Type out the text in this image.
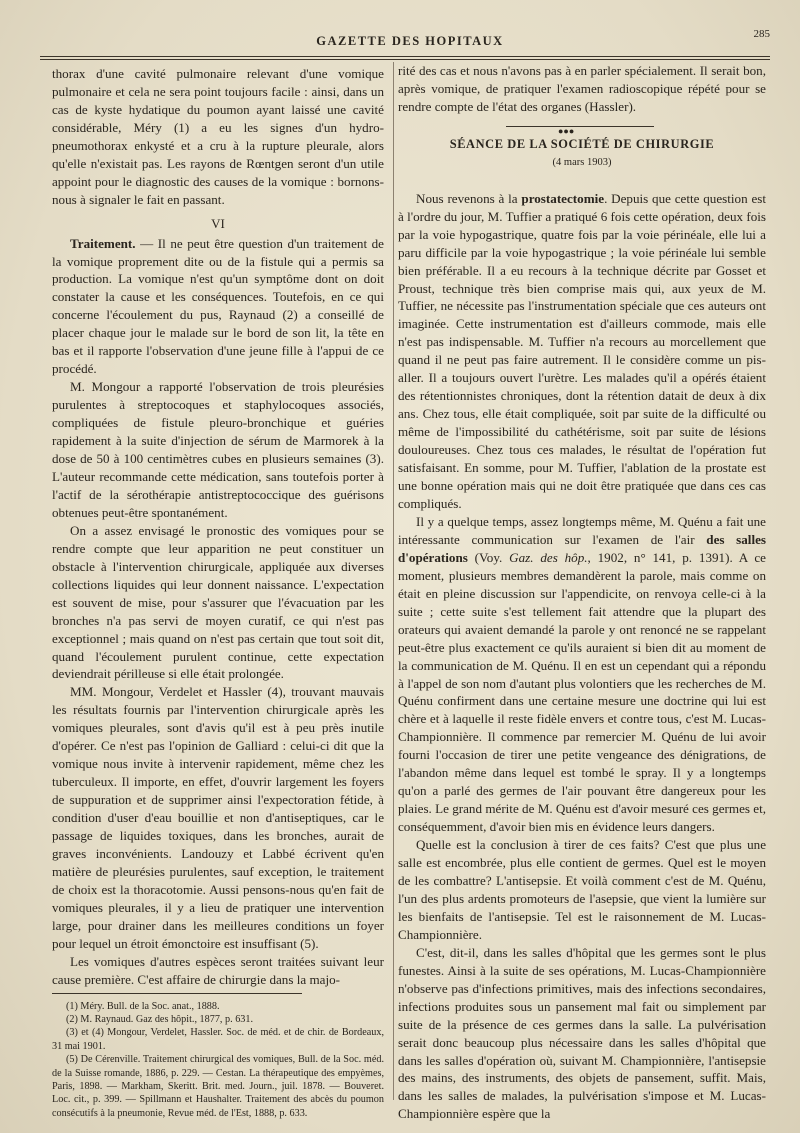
GAZETTE DES HOPITAUX	285

thorax d'une cavité pulmonaire relevant d'une vomique pulmonaire et cela ne sera point toujours facile : ainsi, dans un cas de kyste hydatique du poumon ayant laissé une cavité considérable, Méry (1) a eu les signes d'un hydro-pneumothorax enkysté et a cru à la rupture pleurale, alors qu'elle n'existait pas. Les rayons de Rœntgen seront d'un utile appoint pour le diagnostic des causes de la vomique : bornons-nous à signaler le fait en passant.

VI

Traitement. — Il ne peut être question d'un traitement de la vomique proprement dite ou de la fistule qui a permis sa production. La vomique n'est qu'un symptôme dont on doit constater la cause et les conséquences. Toutefois, en ce qui concerne l'écoulement du pus, Raynaud (2) a conseillé de placer chaque jour le malade sur le bord de son lit, la tête en bas et il rapporte l'observation d'une jeune fille à l'appui de ce procédé.

M. Mongour a rapporté l'observation de trois pleurésies purulentes à streptocoques et staphylocoques associés, compliquées de fistule pleuro-bronchique et guéries rapidement à la suite d'injection de sérum de Marmorek à la dose de 50 à 100 centimètres cubes en plusieurs semaines (3). L'auteur recommande cette médication, sans toutefois porter à l'actif de la sérothérapie antistreptococcique des guérisons obtenues peut-être spontanément.

On a assez envisagé le pronostic des vomiques pour se rendre compte que leur apparition ne peut constituer un obstacle à l'intervention chirurgicale, appliquée aux diverses collections liquides qui leur donnent naissance. L'expectation est souvent de mise, pour s'assurer que l'évacuation par les bronches n'a pas servi de moyen curatif, ce qui n'est pas exceptionnel ; mais quand on n'est pas certain que tout soit dit, quand l'écoulement purulent continue, cette expectation deviendrait périlleuse si elle était prolongée.

MM. Mongour, Verdelet et Hassler (4), trouvant mauvais les résultats fournis par l'intervention chirurgicale après les vomiques pleurales, sont d'avis qu'il est à peu près inutile d'opérer. Ce n'est pas l'opinion de Galliard : celui-ci dit que la vomique nous invite à intervenir rapidement, même chez les tuberculeux. Il importe, en effet, d'ouvrir largement les foyers de suppuration et de supprimer ainsi l'expectoration fétide, à condition d'user d'eau bouillie et non d'antiseptiques, car le passage de liquides toxiques, dans les bronches, aurait de graves inconvénients. Landouzy et Labbé écrivent qu'en matière de pleurésies purulentes, sauf exception, le traitement de choix est la thoracotomie. Aussi pensons-nous qu'en fait de vomiques pleurales, il y a lieu de pratiquer une intervention large, pour drainer dans les meilleures conditions un foyer pour lequel un étroit émonctoire est insuffisant (5).

Les vomiques d'autres espèces seront traitées suivant leur cause première. C'est affaire de chirurgie dans la majo-

(1) Méry. Bull. de la Soc. anat., 1888.

(2) M. Raynaud. Gaz des hôpit., 1877, p. 631.

(3) et (4) Mongour, Verdelet, Hassler. Soc. de méd. et de chir. de Bordeaux, 31 mai 1901.

(5) De Cérenville. Traitement chirurgical des vomiques, Bull. de la Soc. méd. de la Suisse romande, 1886, p. 229. — Cestan. La thérapeutique des empyèmes, Paris, 1898. — Markham, Skeritt. Brit. med. Journ., juil. 1878. — Bouveret. Loc. cit., p. 399. — Spillmann et Haushalter. Traitement des abcès du poumon consécutifs à la pneumonie, Revue méd. de l'Est, 1888, p. 633.

rité des cas et nous n'avons pas à en parler spécialement. Il serait bon, après vomique, de pratiquer l'examen radioscopique répété pour se rendre compte de l'état des organes (Hassler).

●●●
SÉANCE DE LA SOCIÉTÉ DE CHIRURGIE
(4 mars 1903)

Nous revenons à la prostatectomie. Depuis que cette question est à l'ordre du jour, M. Tuffier a pratiqué 6 fois cette opération, deux fois par la voie hypogastrique, quatre fois par la voie périnéale, elle lui a paru difficile par la voie hypogastrique ; la voie périnéale lui semble bien préférable. Il a eu recours à la technique décrite par Gosset et Proust, technique très bien comprise mais qui, aux yeux de M. Tuffier, ne nécessite pas l'instrumentation spéciale que ces auteurs ont imaginée. Cette instrumentation est d'ailleurs commode, mais elle n'est pas indispensable. M. Tuffier n'a recours au morcellement que quand il ne peut pas faire autrement. Il le considère comme un pis-aller. Il a toujours ouvert l'urètre. Les malades qu'il a opérés étaient des rétentionnistes chroniques, dont la rétention datait de deux à dix ans. Chez tous, elle était compliquée, soit par suite de la difficulté ou même de l'impossibilité du cathétérisme, soit par suite de lésions douloureuses. Chez tous ces malades, le résultat de l'opération fut satisfaisant. En somme, pour M. Tuffier, l'ablation de la prostate est une bonne opération mais qui ne doit être pratiquée que dans ces cas compliqués.

Il y a quelque temps, assez longtemps même, M. Quénu a fait une intéressante communication sur l'examen de l'air des salles d'opérations (Voy. Gaz. des hôp., 1902, n° 141, p. 1391). A ce moment, plusieurs membres demandèrent la parole, mais comme on était en pleine discussion sur l'appendicite, on renvoya celle-ci à la suite ; cette suite s'est tellement fait attendre que la plupart des orateurs qui avaient demandé la parole y ont renoncé ne se rappelant peut-être plus exactement ce qu'ils auraient si bien dit au moment de la communication de M. Quénu. Il en est un cependant qui a répondu à l'appel de son nom d'autant plus volontiers que les recherches de M. Quénu confirment dans une certaine mesure une doctrine qui lui est chère et à laquelle il reste fidèle envers et contre tous, c'est M. Lucas-Championnière. Il commence par remercier M. Quénu de lui avoir fourni l'occasion de tirer une petite vengeance des dénigrations, de l'abandon même dans lequel est tombé le spray. Il y a longtemps qu'on a parlé des germes de l'air pouvant être dangereux pour les plaies. Le grand mérite de M. Quénu est d'avoir mesuré ces germes et, conséquemment, d'avoir bien mis en évidence leurs dangers.

Quelle est la conclusion à tirer de ces faits? C'est que plus une salle est encombrée, plus elle contient de germes. Quel est le moyen de les combattre? L'antisepsie. Et voilà comment c'est de M. Quénu, l'un des plus ardents promoteurs de l'asepsie, que vient la lumière sur les bienfaits de l'antisepsie. Tel est le raisonnement de M. Lucas-Championnière.

C'est, dit-il, dans les salles d'hôpital que les germes sont le plus funestes. Ainsi à la suite de ses opérations, M. Lucas-Championnière n'observe pas d'infections primitives, mais des infections secondaires, infections produites sous un pansement mal fait ou simplement par suite de la présence de ces germes dans la salle. La pulvérisation serait donc beaucoup plus nécessaire dans les salles d'hôpital que dans les salles d'opération où, suivant M. Championnière, l'antisepsie des mains, des instruments, des objets de pansement, suffit. Mais, dans les salles de malades, la pulvérisation s'impose et M. Lucas-Championnière espère que la
